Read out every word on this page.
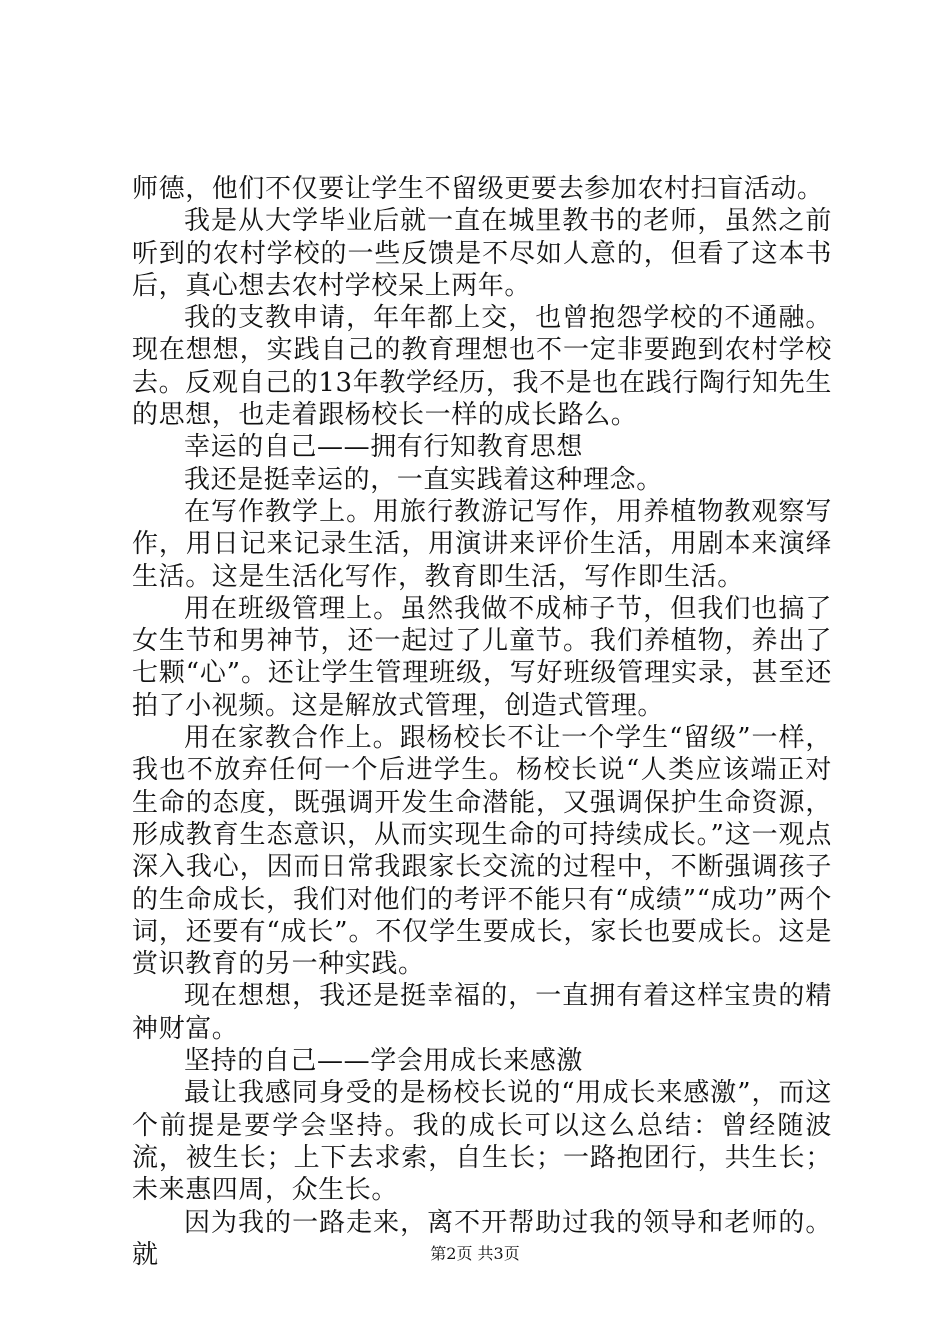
师德，他们不仅要让学生不留级更要去参加农村扫盲活动。

我是从大学毕业后就一直在城里教书的老师，虽然之前听到的农村学校的一些反馈是不尽如人意的，但看了这本书后，真心想去农村学校呆上两年。

我的支教申请，年年都上交，也曾抱怨学校的不通融。现在想想，实践自己的教育理想也不一定非要跑到农村学校去。反观自己的13年教学经历，我不是也在践行陶行知先生的思想，也走着跟杨校长一样的成长路么。

幸运的自己——拥有行知教育思想

我还是挺幸运的，一直实践着这种理念。

在写作教学上。用旅行教游记写作，用养植物教观察写作，用日记来记录生活，用演讲来评价生活，用剧本来演绎生活。这是生活化写作，教育即生活，写作即生活。

用在班级管理上。虽然我做不成柿子节，但我们也搞了女生节和男神节，还一起过了儿童节。我们养植物，养出了七颗“心”。还让学生管理班级，写好班级管理实录，甚至还拍了小视频。这是解放式管理，创造式管理。

用在家教合作上。跟杨校长不让一个学生“留级”一样，我也不放弃任何一个后进学生。杨校长说“人类应该端正对生命的态度，既强调开发生命潜能，又强调保护生命资源，形成教育生态意识，从而实现生命的可持续成长。”这一观点深入我心，因而日常我跟家长交流的过程中，不断强调孩子的生命成长，我们对他们的考评不能只有“成绩”“成功”两个词，还要有“成长”。不仅学生要成长，家长也要成长。这是赏识教育的另一种实践。

现在想想，我还是挺幸福的，一直拥有着这样宝贵的精神财富。

坚持的自己——学会用成长来感激

最让我感同身受的是杨校长说的“用成长来感激”，而这个前提是要学会坚持。我的成长可以这么总结：曾经随波流，被生长；上下去求索，自生长；一路抱团行，共生长；未来惠四周，众生长。

因为我的一路走来，离不开帮助过我的领导和老师的。就	第2页 共3页
